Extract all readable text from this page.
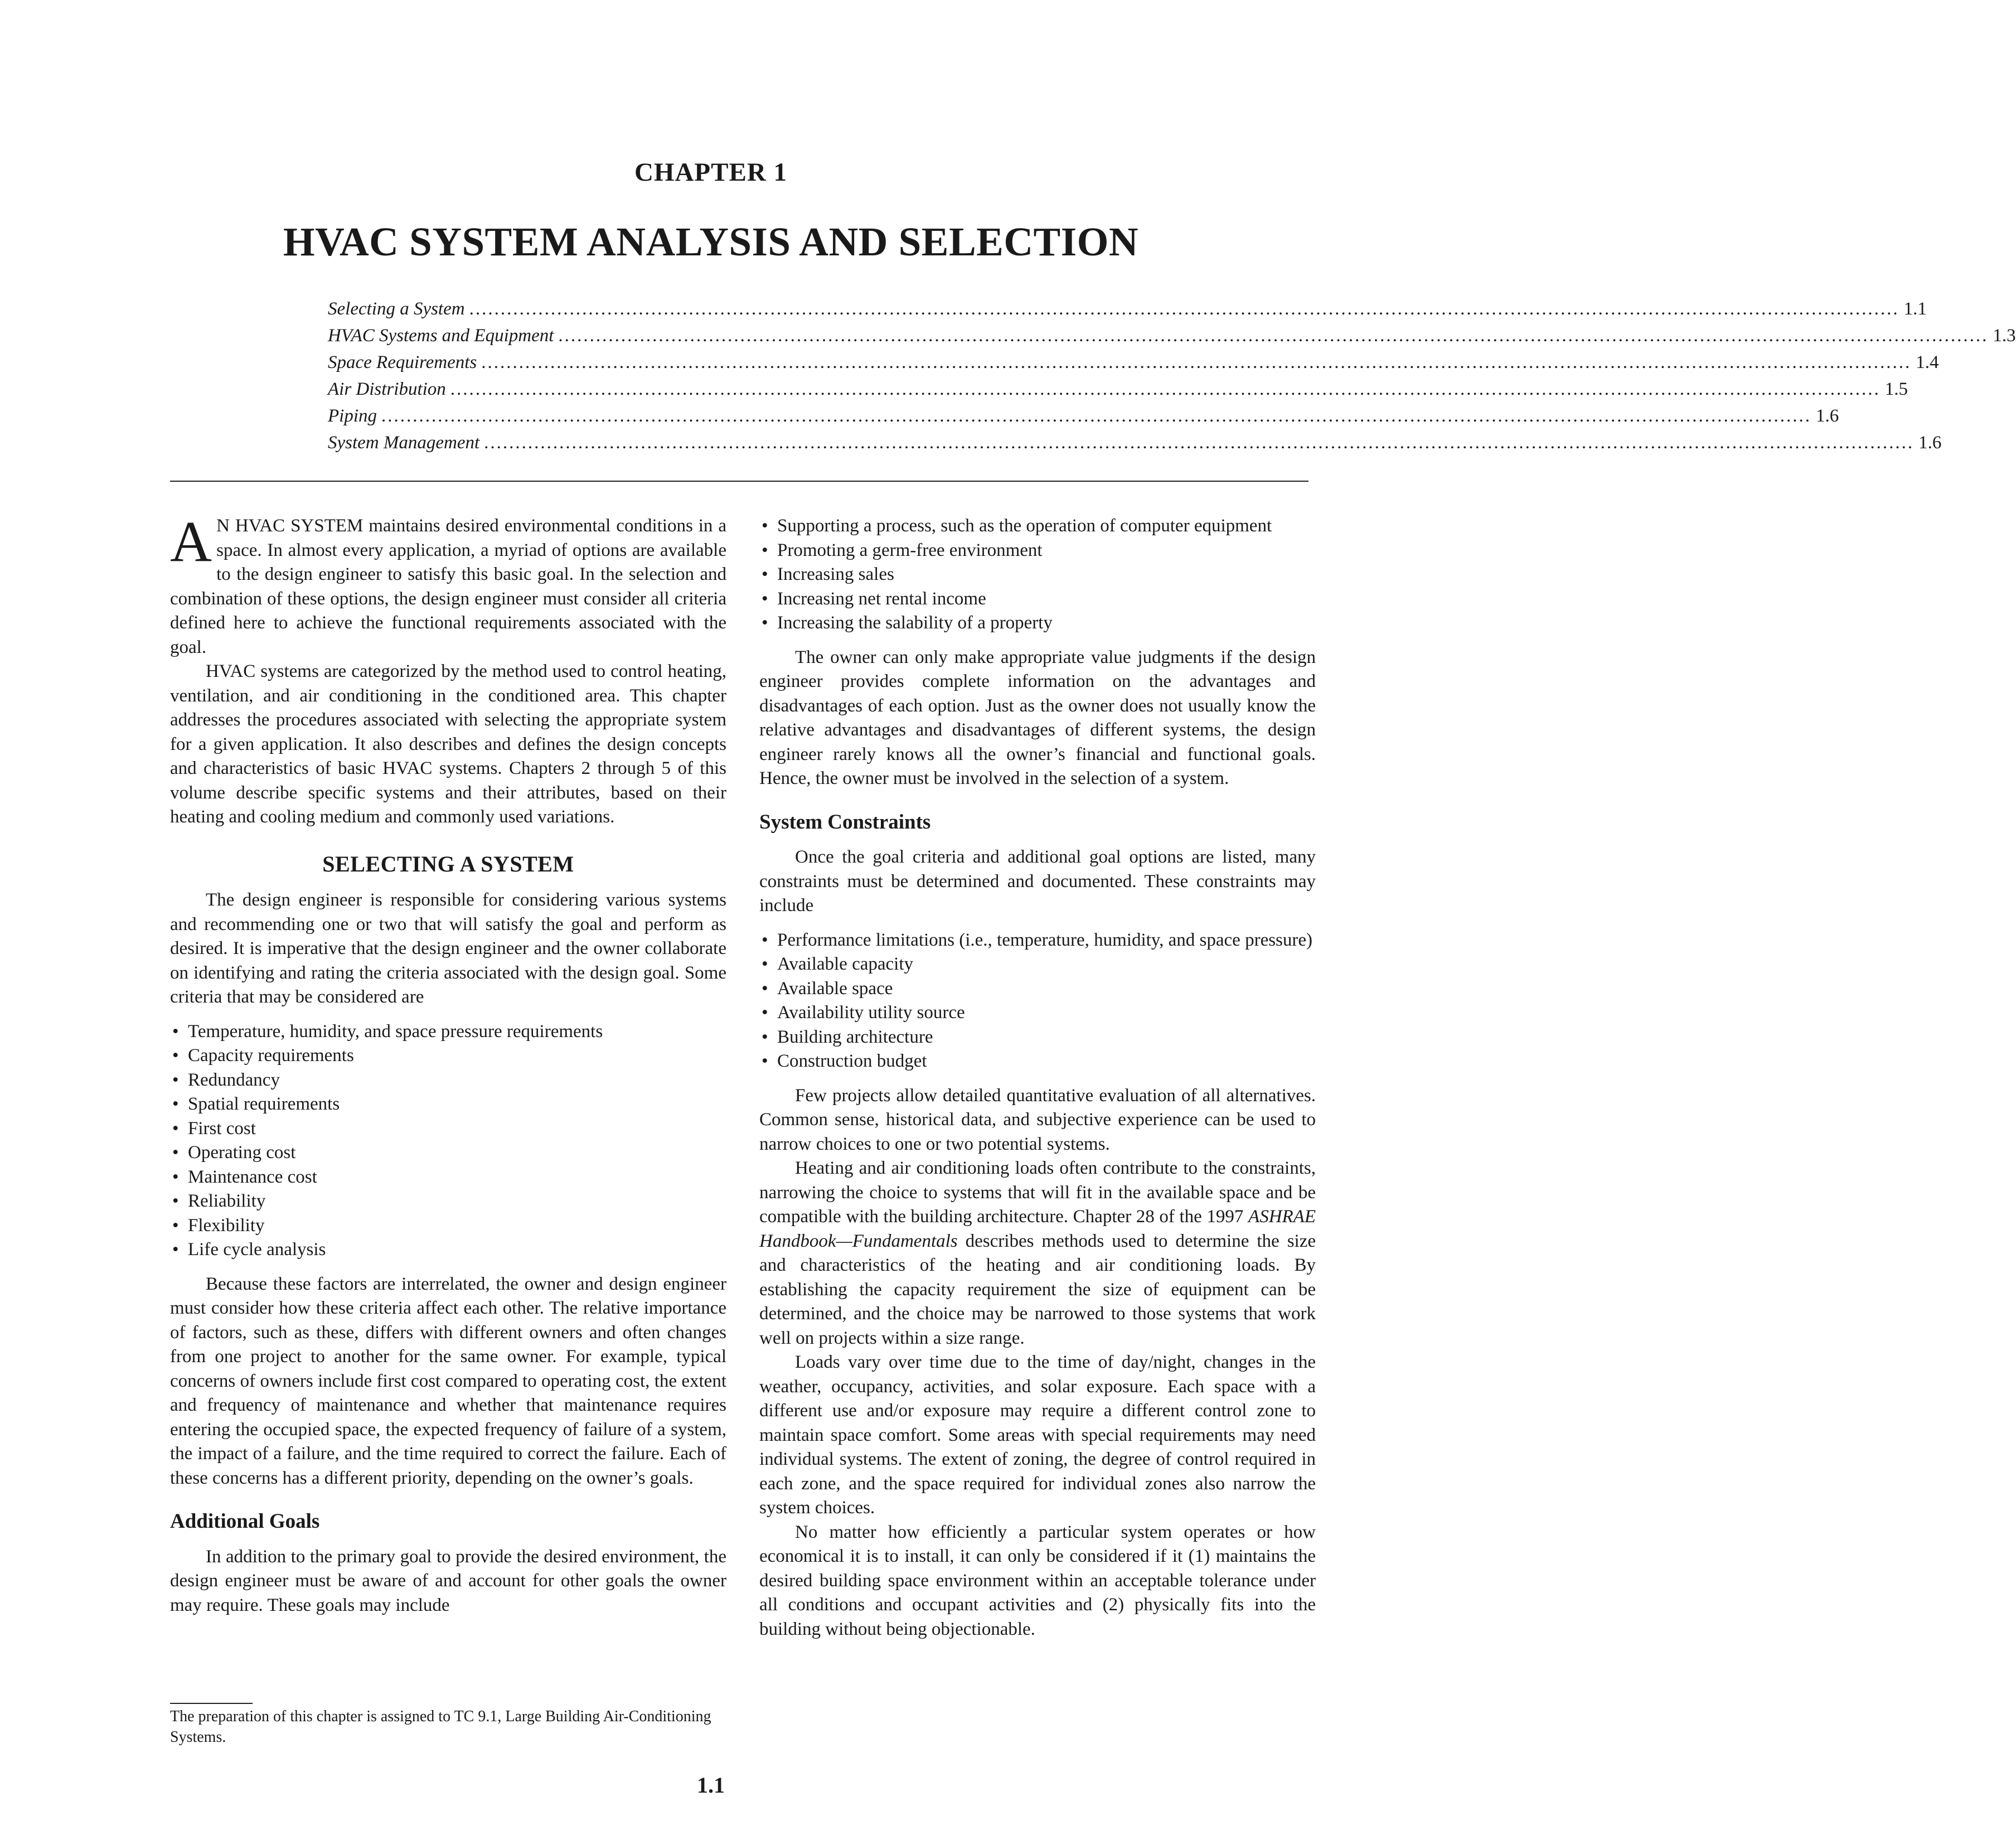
CHAPTER 1
HVAC SYSTEM ANALYSIS AND SELECTION
Selecting a System .................................................................................................................................................................................................................................... 1.1
HVAC Systems and Equipment .................................................................................................................................................................................................................................... 1.3
Space Requirements .................................................................................................................................................................................................................................... 1.4
Air Distribution .................................................................................................................................................................................................................................... 1.5
Piping .................................................................................................................................................................................................................................... 1.6
System Management .................................................................................................................................................................................................................................... 1.6

A N HVAC SYSTEM maintains desired environmental conditions in a space. In almost every application, a myriad of options are available to the design engineer to satisfy this basic goal. In the selection and combination of these options, the design engineer must consider all criteria defined here to achieve the functional requirements associated with the goal.

HVAC systems are categorized by the method used to control heating, ventilation, and air conditioning in the conditioned area. This chapter addresses the procedures associated with selecting the appropriate system for a given application. It also describes and defines the design concepts and characteristics of basic HVAC systems. Chapters 2 through 5 of this volume describe specific systems and their attributes, based on their heating and cooling medium and commonly used variations.

SELECTING A SYSTEM

The design engineer is responsible for considering various systems and recommending one or two that will satisfy the goal and perform as desired. It is imperative that the design engineer and the owner collaborate on identifying and rating the criteria associated with the design goal. Some criteria that may be considered are

• Temperature, humidity, and space pressure requirements
• Capacity requirements
• Redundancy
• Spatial requirements
• First cost
• Operating cost
• Maintenance cost
• Reliability
• Flexibility
• Life cycle analysis

Because these factors are interrelated, the owner and design engineer must consider how these criteria affect each other. The relative importance of factors, such as these, differs with different owners and often changes from one project to another for the same owner. For example, typical concerns of owners include first cost compared to operating cost, the extent and frequency of maintenance and whether that maintenance requires entering the occupied space, the expected frequency of failure of a system, the impact of a failure, and the time required to correct the failure. Each of these concerns has a different priority, depending on the owner’s goals.

Additional Goals

In addition to the primary goal to provide the desired environment, the design engineer must be aware of and account for other goals the owner may require. These goals may include

• Supporting a process, such as the operation of computer equipment
• Promoting a germ-free environment
• Increasing sales
• Increasing net rental income
• Increasing the salability of a property

The owner can only make appropriate value judgments if the design engineer provides complete information on the advantages and disadvantages of each option. Just as the owner does not usually know the relative advantages and disadvantages of different systems, the design engineer rarely knows all the owner’s financial and functional goals. Hence, the owner must be involved in the selection of a system.

System Constraints

Once the goal criteria and additional goal options are listed, many constraints must be determined and documented. These constraints may include

• Performance limitations (i.e., temperature, humidity, and space pressure)
• Available capacity
• Available space
• Availability utility source
• Building architecture
• Construction budget

Few projects allow detailed quantitative evaluation of all alternatives. Common sense, historical data, and subjective experience can be used to narrow choices to one or two potential systems.

Heating and air conditioning loads often contribute to the constraints, narrowing the choice to systems that will fit in the available space and be compatible with the building architecture. Chapter 28 of the 1997 ASHRAE Handbook—Fundamentals describes methods used to determine the size and characteristics of the heating and air conditioning loads. By establishing the capacity requirement the size of equipment can be determined, and the choice may be narrowed to those systems that work well on projects within a size range.

Loads vary over time due to the time of day/night, changes in the weather, occupancy, activities, and solar exposure. Each space with a different use and/or exposure may require a different control zone to maintain space comfort. Some areas with special requirements may need individual systems. The extent of zoning, the degree of control required in each zone, and the space required for individual zones also narrow the system choices.

No matter how efficiently a particular system operates or how economical it is to install, it can only be considered if it (1) maintains the desired building space environment within an acceptable tolerance under all conditions and occupant activities and (2) physically fits into the building without being objectionable.

The preparation of this chapter is assigned to TC 9.1, Large Building Air-Conditioning Systems.
1.1
